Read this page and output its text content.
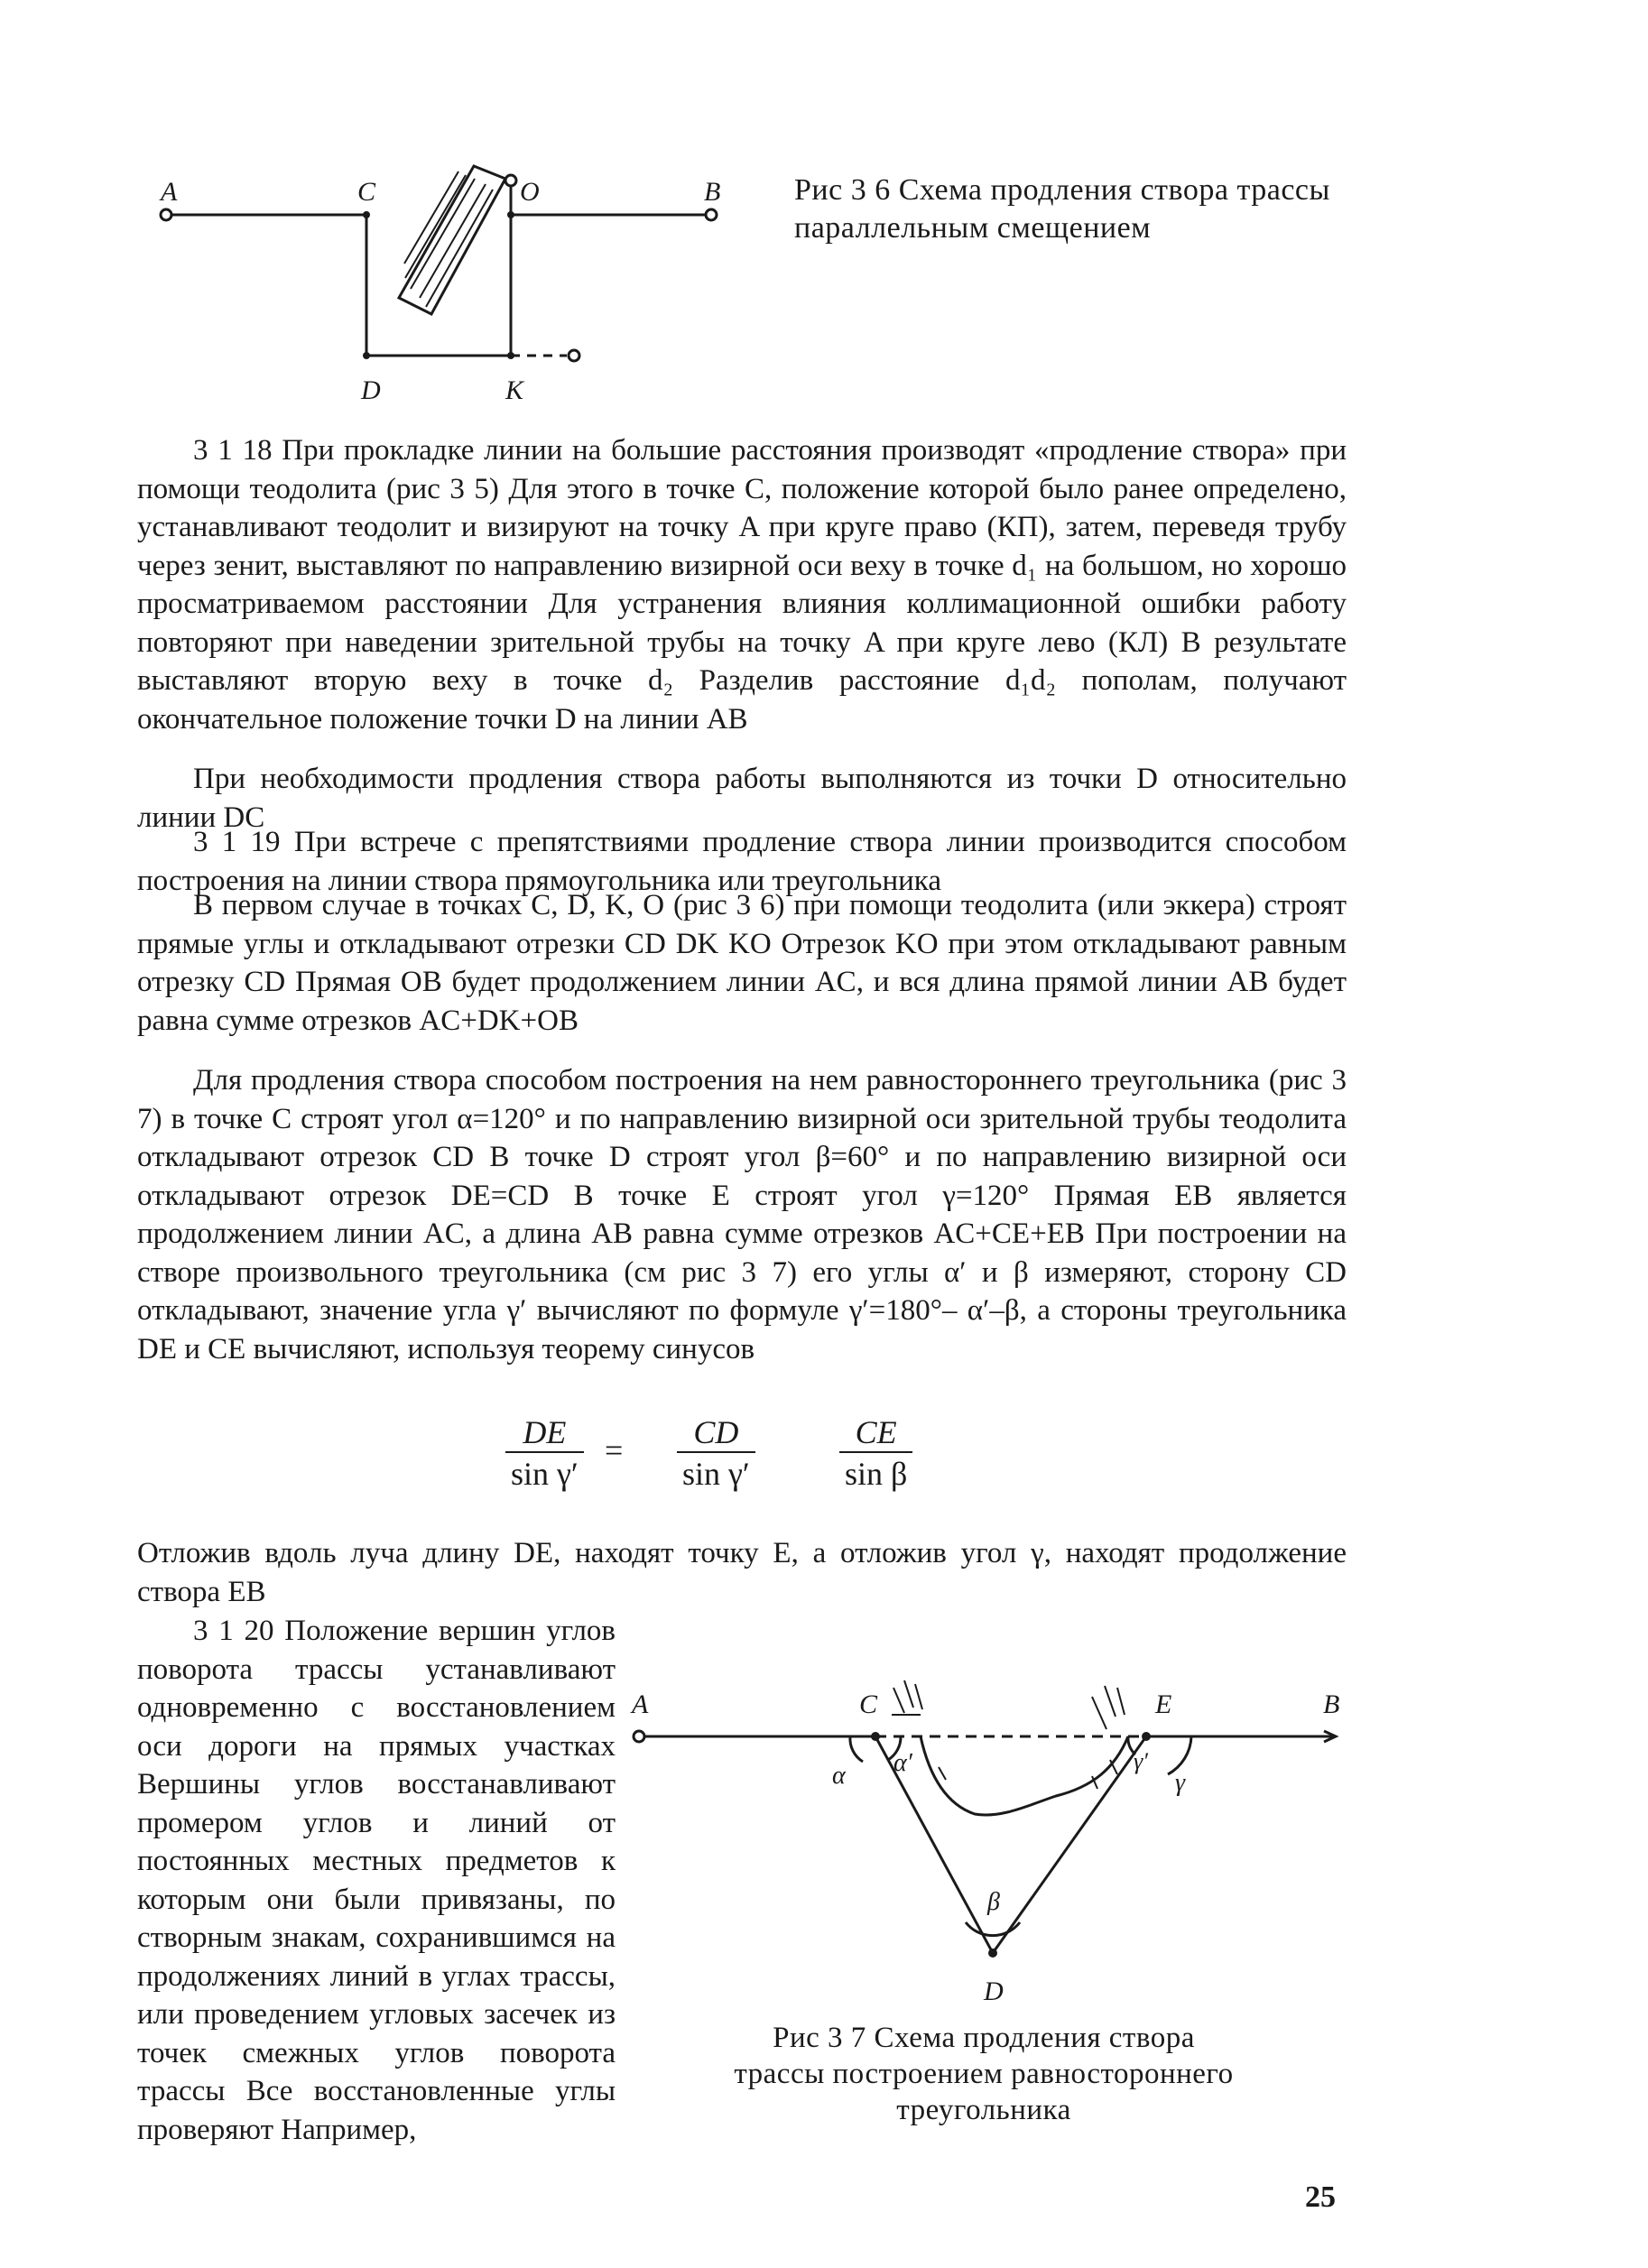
A	C	O	B
D	K
Рис 3 6 Схема продления створа трассы параллельным смещением

3 1 18 При прокладке линии на большие расстояния производят «продление створа» при помощи теодолита (рис 3 5) Для этого в точке C, положение которой было ранее определено, устанавливают теодолит и визируют на точку A при круге право (КП), затем, переведя трубу через зенит, выставляют по направлению визирной оси веху в точке d₁ на большом, но хорошо просматриваемом расстоянии Для устранения влияния коллимационной ошибки работу повторяют при наведении зрительной трубы на точку A при круге лево (КЛ) В результате выставляют вторую веху в точке d₂ Разделив расстояние d₁d₂ пополам, получают окончательное положение точки D на линии AB

При необходимости продления створа работы выполняются из точки D относительно линии DC

3 1 19 При встрече с препятствиями продление створа линии производится способом построения на линии створа прямоугольника или треугольника

В первом случае в точках C, D, K, O (рис 3 6) при помощи теодолита (или эккера) строят прямые углы и откладывают отрезки CD DK KO Отрезок KO при этом откладывают равным отрезку CD Прямая OB будет продолжением линии AC, и вся длина прямой линии AB будет равна сумме отрезков AC+DK+OB

Для продления створа способом построения на нем равностороннего треугольника (рис 3 7) в точке C строят угол α=120° и по направлению визирной оси зрительной трубы теодолита откладывают отрезок CD В точке D строят угол β=60° и по направлению визирной оси откладывают отрезок DE=CD В точке E строят угол γ=120° Прямая EB является продолжением линии AC, а длина AB равна сумме отрезков AC+CE+EB При построении на створе произвольного треугольника (см рис 3 7) его углы α′ и β измеряют, сторону CD откладывают, значение угла γ′ вычисляют по формуле γ′=180°– α′–β, а стороны треугольника DE и CE вычисляют, используя теорему синусов

$\frac{DE}{\text{sin γ′}} = \frac{CD}{\text{sin γ′}}$	$\frac{CE}{\text{sin β}}$

Отложив вдоль луча длину DE, находят точку E, а отложив угол γ, находят продолжение створа EB

3 1 20 Положение вершин углов поворота трассы устанавливают одновременно с восстановлением оси дороги на прямых участках Вершины углов восстанавливают промером углов и линий от постоянных местных предметов к которым они были привязаны, по створным знакам, сохранившимся на продолжениях линий в углах трассы, или проведением угловых засечек из точек смежных углов поворота трассы Все восстановленные углы проверяют Например,

A	C	E	B
D
α α′
β
γ
γ′
Рис 3 7 Схема продления створа
трассы построением равностороннего
треугольника
25
